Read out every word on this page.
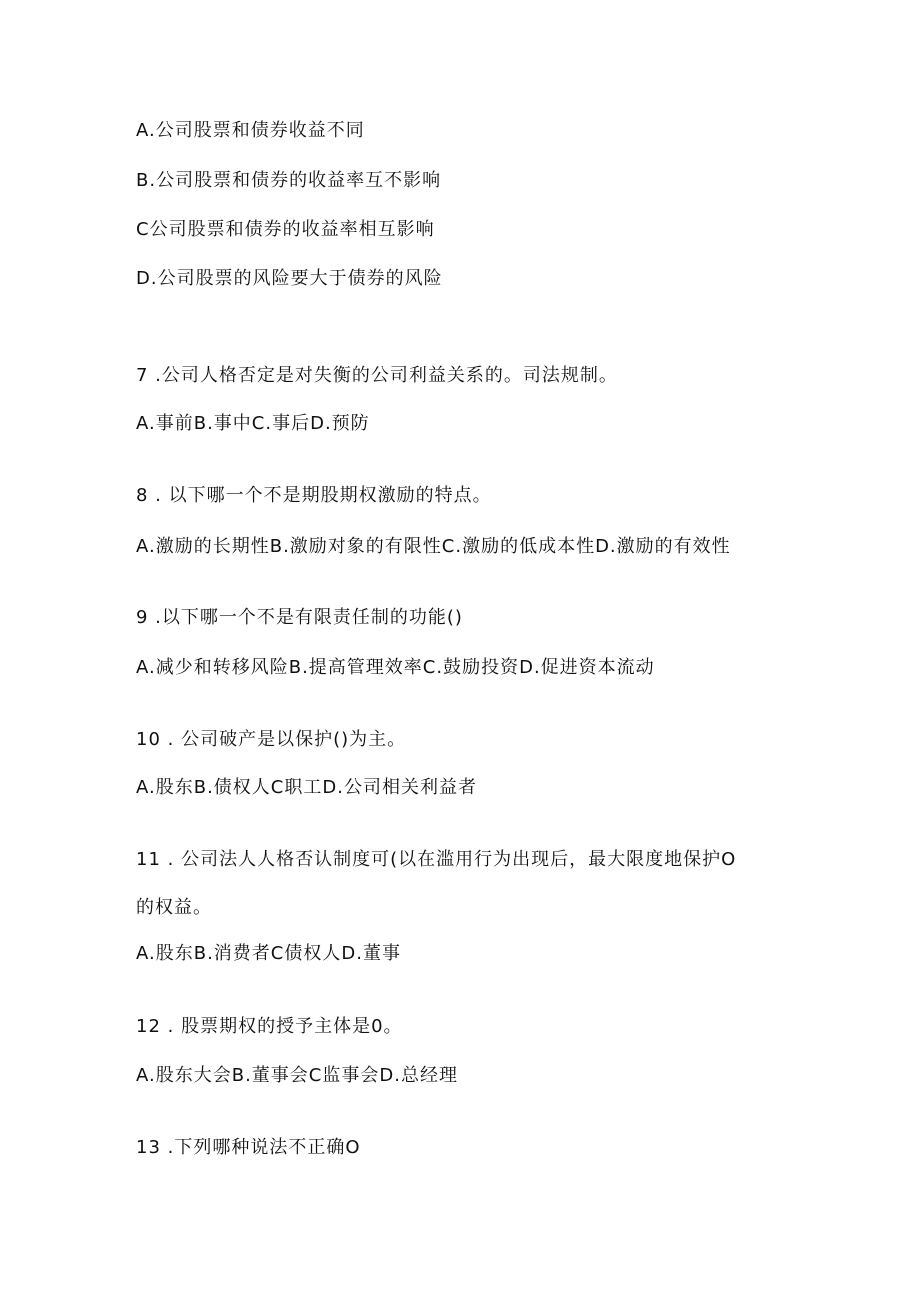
A.公司股票和债券收益不同
B.公司股票和债券的收益率互不影响
C公司股票和债券的收益率相互影响
D.公司股票的风险要大于债券的风险
7 .公司人格否定是对失衡的公司利益关系的。司法规制。
A.事前B.事中C.事后D.预防
8 . 以下哪一个不是期股期权激励的特点。
A.激励的长期性B.激励对象的有限性C.激励的低成本性D.激励的有效性
9 .以下哪一个不是有限责任制的功能()
A.减少和转移风险B.提高管理效率C.鼓励投资D.促进资本流动
10 . 公司破产是以保护()为主。
A.股东B.债权人C职工D.公司相关利益者
11 . 公司法人人格否认制度可(以在滥用行为出现后，最大限度地保护O
的权益。
A.股东B.消费者C债权人D.董事
12 . 股票期权的授予主体是0。
A.股东大会B.董事会C监事会D.总经理
13 .下列哪种说法不正确O
